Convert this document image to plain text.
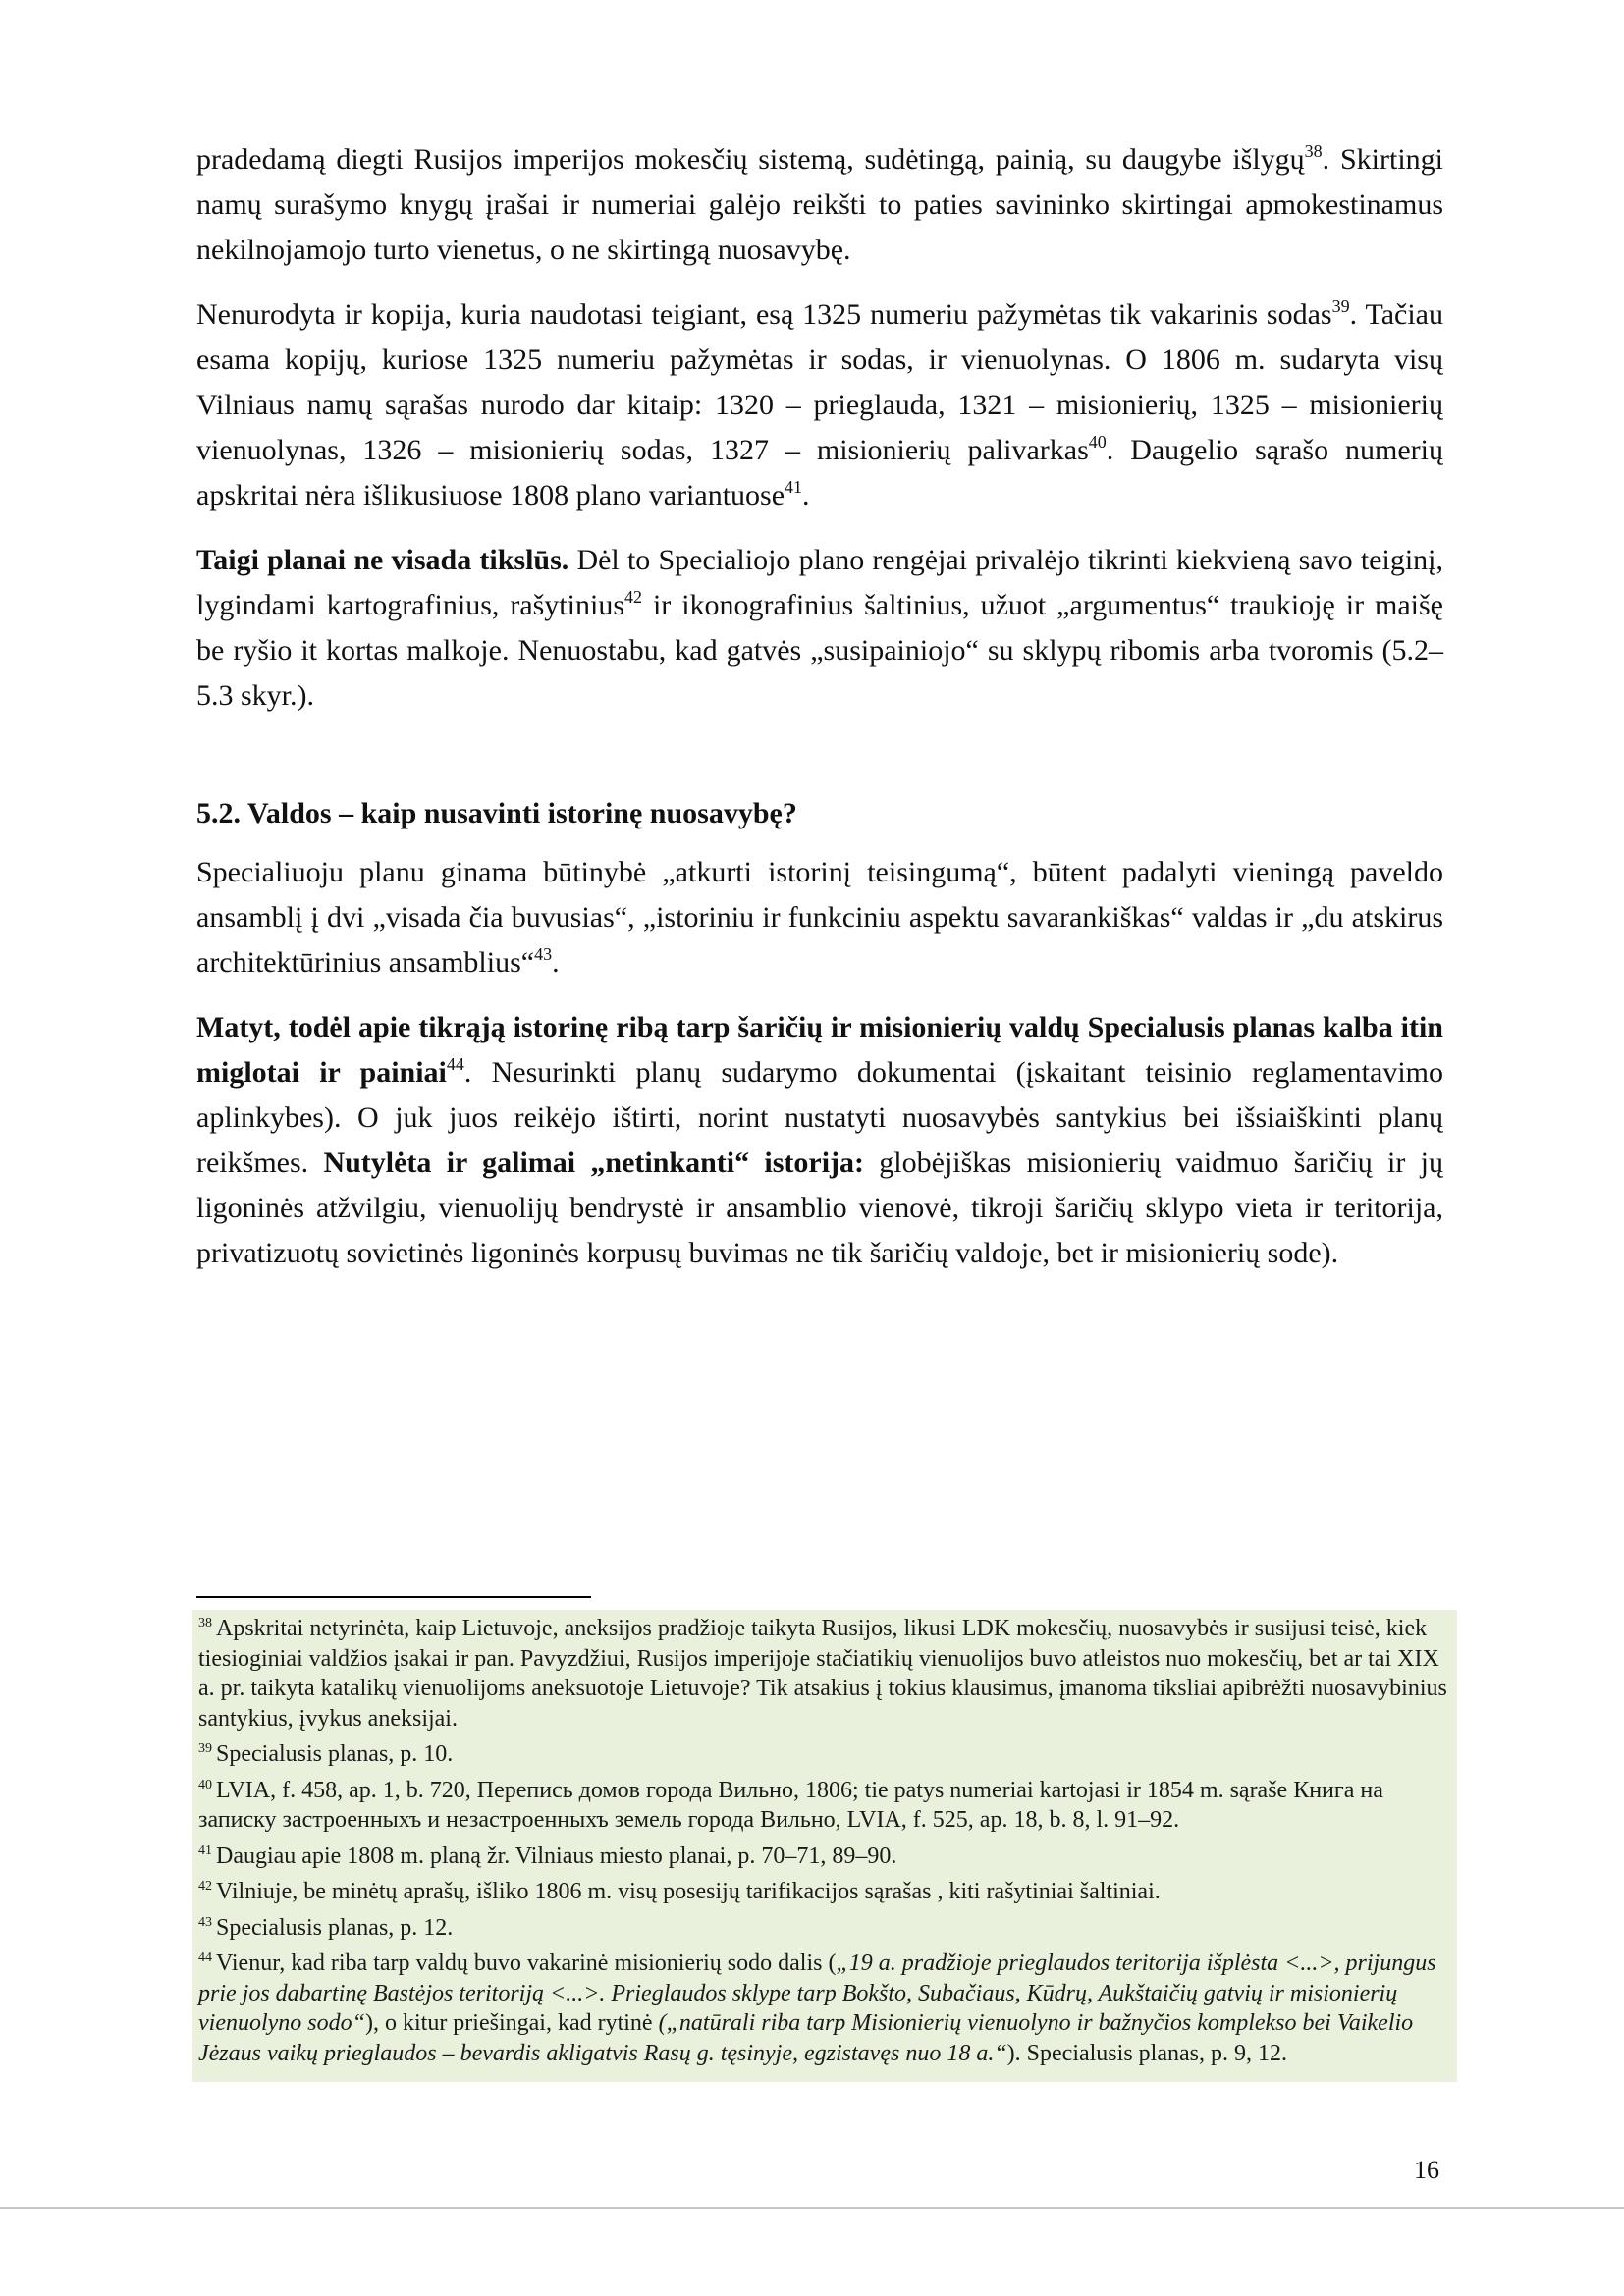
pradedamą diegti Rusijos imperijos mokesčių sistemą, sudėtingą, painią, su daugybe išlygų$^{38}$. Skirtingi namų surašymo knygų įrašai ir numeriai galėjo reikšti to paties savininko skirtingai apmokestinamus nekilnojamojo turto vienetus, o ne skirtingą nuosavybę.

Nenurodyta ir kopija, kuria naudotasi teigiant, esą 1325 numeriu pažymėtas tik vakarinis sodas$^{39}$. Tačiau esama kopijų, kuriose 1325 numeriu pažymėtas ir sodas, ir vienuolynas. O 1806 m. sudaryta visų Vilniaus namų sąrašas nurodo dar kitaip: 1320 – prieglauda, 1321 – misionierių, 1325 – misionierių vienuolynas, 1326 – misionierių sodas, 1327 – misionierių palivarkas$^{40}$. Daugelio sąrašo numerių apskritai nėra išlikusiuose 1808 plano variantuose$^{41}$.

Taigi planai ne visada tikslūs. Dėl to Specialiojo plano rengėjai privalėjo tikrinti kiekvieną savo teiginį, lygindami kartografinius, rašytinius$^{42}$ ir ikonografinius šaltinius, užuot „argumentus“ traukioję ir maišę be ryšio it kortas malkoje. Nenuostabu, kad gatvės „susipainiojo“ su sklypų ribomis arba tvoromis (5.2–5.3 skyr.).

5.2. Valdos – kaip nusavinti istorinę nuosavybę?

Specialiuoju planu ginama būtinybė „atkurti istorinį teisingumą“, būtent padalyti vieningą paveldo ansamblį į dvi „visada čia buvusias“, „istoriniu ir funkciniu aspektu savarankiškas“ valdas ir „du atskirus architektūrinius ansamblius“$^{43}$.

Matyt, todėl apie tikrąją istorinę ribą tarp šaričių ir misionierių valdų Specialusis planas kalba itin miglotai ir painiai$^{44}$. Nesurinkti planų sudarymo dokumentai (įskaitant teisinio reglamentavimo aplinkybes). O juk juos reikėjo ištirti, norint nustatyti nuosavybės santykius bei išsiaiškinti planų reikšmes. Nutylėta ir galimai „netinkanti“ istorija: globėjiškas misionierių vaidmuo šaričių ir jų ligoninės atžvilgiu, vienuolijų bendrystė ir ansamblio vienovė, tikroji šaričių sklypo vieta ir teritorija, privatizuotų sovietinės ligoninės korpusų buvimas ne tik šaričių valdoje, bet ir misionierių sode).

$^{38}$ Apskritai netyrinėta, kaip Lietuvoje, aneksijos pradžioje taikyta Rusijos, likusi LDK mokesčių, nuosavybės ir susijusi teisė, kiek tiesioginiai valdžios įsakai ir pan. Pavyzdžiui, Rusijos imperijoje stačiatikių vienuolijos buvo atleistos nuo mokesčių, bet ar tai XIX a. pr. taikyta katalikų vienuolijoms aneksuotoje Lietuvoje? Tik atsakius į tokius klausimus, įmanoma tiksliai apibrėžti nuosavybinius santykius, įvykus aneksijai.
$^{39}$ Specialusis planas, p. 10.
$^{40}$ LVIA, f. 458, ap. 1, b. 720, Перепись домов города Вильно, 1806; tie patys numeriai kartojasi ir 1854 m. sąraše Книга на записку застроенныхъ и незастроенныхъ земель города Вильно, LVIA, f. 525, ap. 18, b. 8, l. 91–92.
$^{41}$ Daugiau apie 1808 m. planą žr. Vilniaus miesto planai, p. 70–71, 89–90.
$^{42}$ Vilniuje, be minėtų aprašų, išliko 1806 m. visų posesijų tarifikacijos sąrašas , kiti rašytiniai šaltiniai.
$^{43}$ Specialusis planas, p. 12.
$^{44}$ Vienur, kad riba tarp valdų buvo vakarinė misionierių sodo dalis („19 a. pradžioje prieglaudos teritorija išplėsta <...>, prijungus prie jos dabartinę Bastėjos teritoriją <...>. Prieglaudos sklype tarp Bokšto, Subačiaus, Kūdrų, Aukštaičių gatvių ir misionierių vienuolyno sodo“), o kitur priešingai, kad rytinė („natūrali riba tarp Misionierių vienuolyno ir bažnyčios komplekso bei Vaikelio Jėzaus vaikų prieglaudos – bevardis akligatvis Rasų g. tęsinyje, egzistavęs nuo 18 a.“). Specialusis planas, p. 9, 12.
16
